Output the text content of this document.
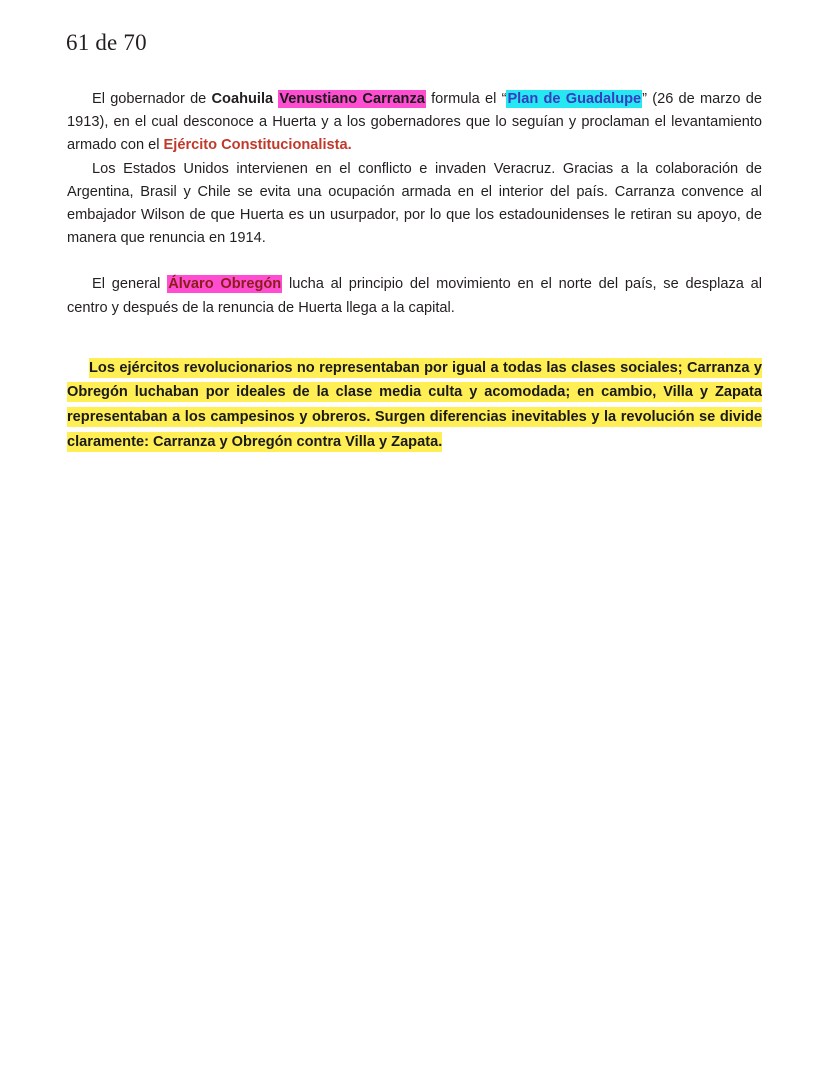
61 de 70

El gobernador de Coahuila Venustiano Carranza formula el “Plan de Guadalupe” (26 de marzo de 1913), en el cual desconoce a Huerta y a los gobernadores que lo seguían y proclaman el levantamiento armado con el Ejército Constitucionalista.

Los Estados Unidos intervienen en el conflicto e invaden Veracruz. Gracias a la colaboración de Argentina, Brasil y Chile se evita una ocupación armada en el interior del país. Carranza convence al embajador Wilson de que Huerta es un usurpador, por lo que los estadounidenses le retiran su apoyo, de manera que renuncia en 1914.

El general Álvaro Obregón lucha al principio del movimiento en el norte del país, se desplaza al centro y después de la renuncia de Huerta llega a la capital.

Los ejércitos revolucionarios no representaban por igual a todas las clases sociales; Carranza y Obregón luchaban por ideales de la clase media culta y acomodada; en cambio, Villa y Zapata representaban a los campesinos y obreros. Surgen diferencias inevitables y la revolución se divide claramente: Carranza y Obregón contra Villa y Zapata.
